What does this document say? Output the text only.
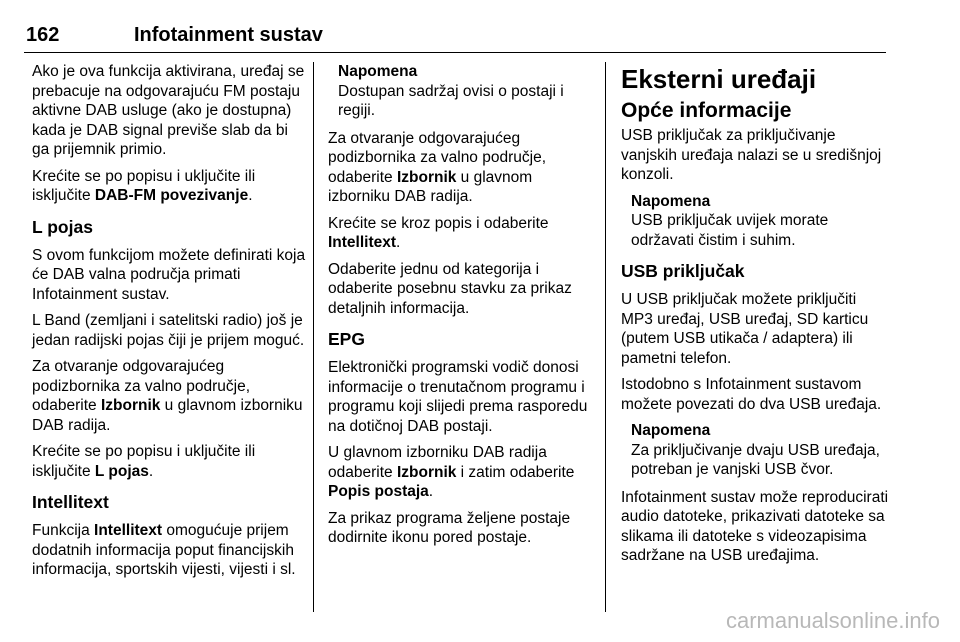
162	Infotainment sustav

Ako je ova funkcija aktivirana, uređaj se prebacuje na odgovarajuću FM postaju aktivne DAB usluge (ako je dostupna) kada je DAB signal previše slab da bi ga prijemnik primio.

Krećite se po popisu i uključite ili isključite DAB-FM povezivanje.

L pojas

S ovom funkcijom možete definirati koja će DAB valna područja primati Infotainment sustav.

L Band (zemljani i satelitski radio) još je jedan radijski pojas čiji je prijem moguć.

Za otvaranje odgovarajućeg podizbornika za valno područje, odaberite Izbornik u glavnom izborniku DAB radija.

Krećite se po popisu i uključite ili isključite L pojas.

Intellitext

Funkcija Intellitext omogućuje prijem dodatnih informacija poput financijskih informacija, sportskih vijesti, vijesti i sl.

Napomena
Dostupan sadržaj ovisi o postaji i regiji.

Za otvaranje odgovarajućeg podizbornika za valno područje, odaberite Izbornik u glavnom izborniku DAB radija.

Krećite se kroz popis i odaberite Intellitext.

Odaberite jednu od kategorija i odaberite posebnu stavku za prikaz detaljnih informacija.

EPG

Elektronički programski vodič donosi informacije o trenutačnom programu i programu koji slijedi prema rasporedu na dotičnoj DAB postaji.

U glavnom izborniku DAB radija odaberite Izbornik i zatim odaberite Popis postaja.

Za prikaz programa željene postaje dodirnite ikonu pored postaje.

Eksterni uređaji
Opće informacije

USB priključak za priključivanje vanjskih uređaja nalazi se u središnjoj konzoli.

Napomena
USB priključak uvijek morate održavati čistim i suhim.
USB priključak

U USB priključak možete priključiti MP3 uređaj, USB uređaj, SD karticu (putem USB utikača / adaptera) ili pametni telefon.

Istodobno s Infotainment sustavom možete povezati do dva USB uređaja.

Napomena
Za priključivanje dvaju USB uređaja, potreban je vanjski USB čvor.

Infotainment sustav može reproducirati audio datoteke, prikazivati datoteke sa slikama ili datoteke s videozapisima sadržane na USB uređajima.

carmanualsonline.info
